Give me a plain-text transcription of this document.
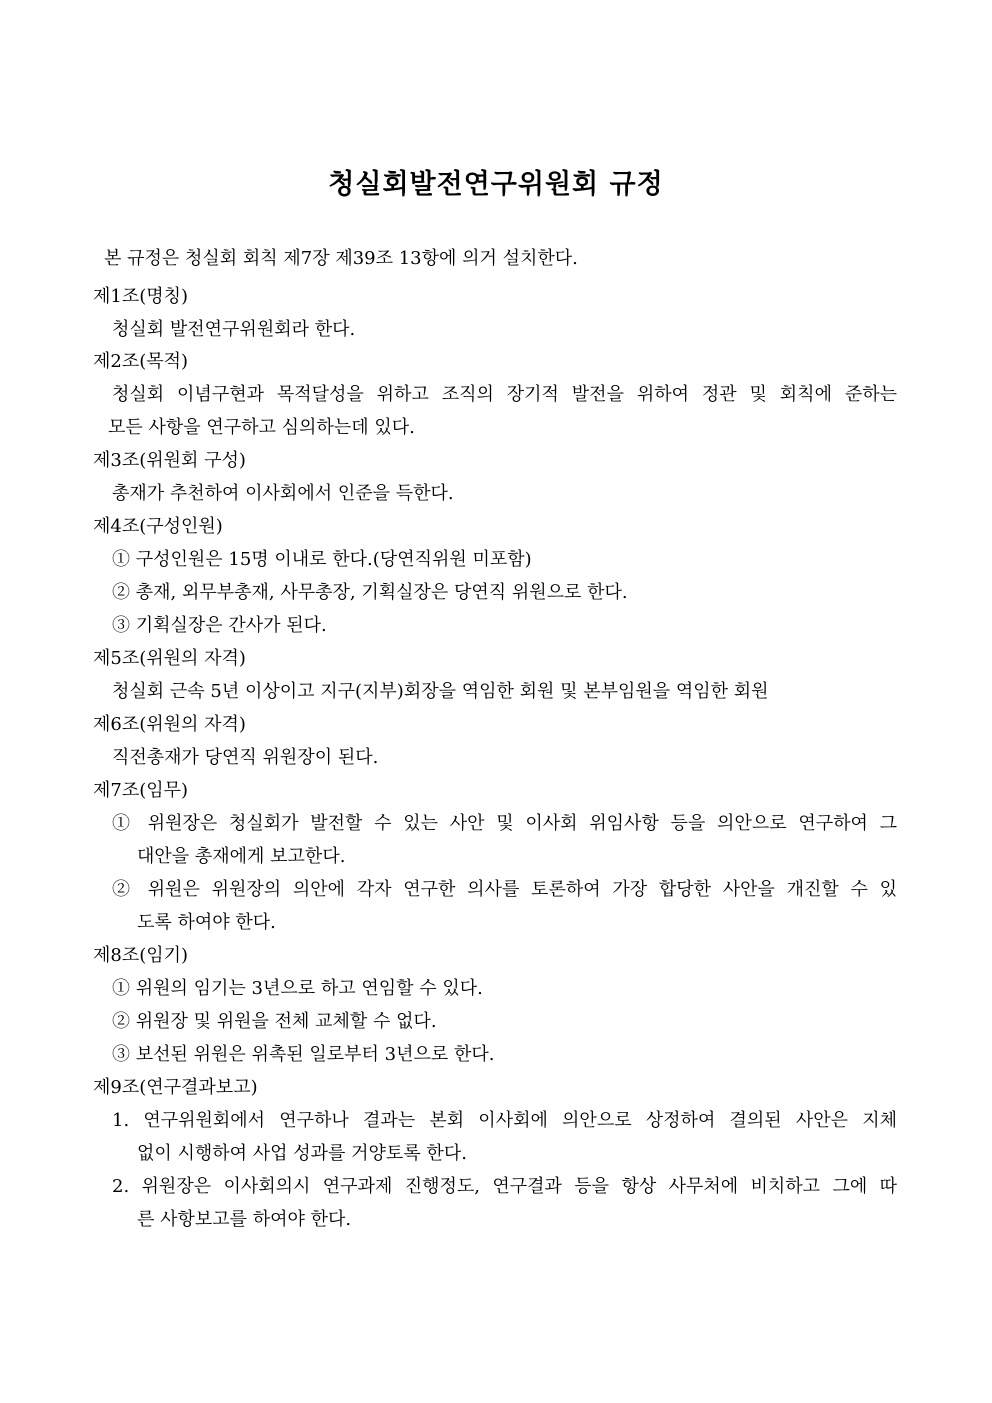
청실회발전연구위원회 규정
본 규정은 청실회 회칙 제7장 제39조 13항에 의거 설치한다.
제1조(명칭)
청실회 발전연구위원회라 한다.
제2조(목적)
청실회 이념구현과 목적달성을 위하고 조직의 장기적 발전을 위하여 정관 및 회칙에 준하는
모든 사항을 연구하고 심의하는데 있다.
제3조(위원회 구성)
총재가 추천하여 이사회에서 인준을 득한다.
제4조(구성인원)
① 구성인원은 15명 이내로 한다.(당연직위원 미포함)
② 총재, 외무부총재, 사무총장, 기획실장은 당연직 위원으로 한다.
③ 기획실장은 간사가 된다.
제5조(위원의 자격)
청실회 근속 5년 이상이고 지구(지부)회장을 역임한 회원 및 본부임원을 역임한 회원
제6조(위원의 자격)
직전총재가 당연직 위원장이 된다.
제7조(임무)
① 위원장은 청실회가 발전할 수 있는 사안 및 이사회 위임사항 등을 의안으로 연구하여 그
대안을 총재에게 보고한다.
② 위원은 위원장의 의안에 각자 연구한 의사를 토론하여 가장 합당한 사안을 개진할 수 있
도록 하여야 한다.
제8조(임기)
① 위원의 임기는 3년으로 하고 연임할 수 있다.
② 위원장 및 위원을 전체 교체할 수 없다.
③ 보선된 위원은 위촉된 일로부터 3년으로 한다.
제9조(연구결과보고)
1. 연구위원회에서 연구하나 결과는 본회 이사회에 의안으로 상정하여 결의된 사안은 지체
없이 시행하여 사업 성과를 거양토록 한다.
2. 위원장은 이사회의시 연구과제 진행정도, 연구결과 등을 항상 사무처에 비치하고 그에 따
른 사항보고를 하여야 한다.
